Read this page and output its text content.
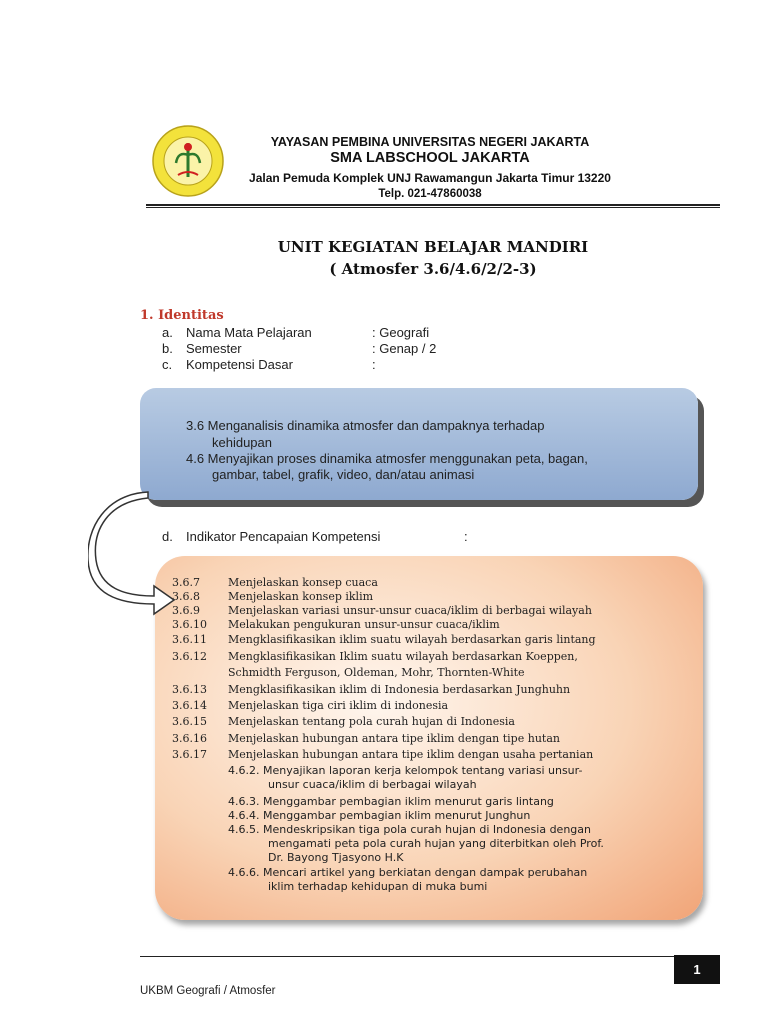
YAYASAN PEMBINA UNIVERSITAS NEGERI JAKARTA
SMA LABSCHOOL JAKARTA
Jalan Pemuda Komplek UNJ Rawamangun Jakarta Timur 13220
Telp. 021-47860038
UNIT KEGIATAN BELAJAR MANDIRI
( Atmosfer 3.6/4.6/2/2-3)
1. Identitas
a. Nama Mata Pelajaran	: Geografi
b. Semester	: Genap / 2
c. Kompetensi Dasar	:
3.6 Menganalisis dinamika atmosfer dan dampaknya terhadap
kehidupan
4.6 Menyajikan proses dinamika atmosfer menggunakan peta, bagan,
gambar, tabel, grafik, video, dan/atau animasi
d. Indikator Pencapaian Kompetensi	:
3.6.7	Menjelaskan konsep cuaca
3.6.8	Menjelaskan konsep iklim
3.6.9	Menjelaskan variasi unsur-unsur cuaca/iklim di berbagai wilayah
3.6.10 Melakukan pengukuran unsur-unsur cuaca/iklim
3.6.11 Mengklasifikasikan iklim suatu wilayah berdasarkan garis lintang
3.6.12 Mengklasifikasikan Iklim suatu wilayah berdasarkan Koeppen,
Schmidth Ferguson, Oldeman, Mohr, Thornten-White
3.6.13 Mengklasifikasikan iklim di Indonesia berdasarkan Junghuhn
3.6.14 Menjelaskan tiga ciri iklim di indonesia
3.6.15 Menjelaskan tentang pola curah hujan di Indonesia
3.6.16 Menjelaskan hubungan antara tipe iklim dengan tipe hutan
3.6.17 Menjelaskan hubungan antara tipe iklim dengan usaha pertanian
4.6.2. Menyajikan laporan kerja kelompok tentang variasi unsur-
unsur cuaca/iklim di berbagai wilayah
4.6.3. Menggambar pembagian iklim menurut garis lintang
4.6.4. Menggambar pembagian iklim menurut Junghun
4.6.5. Mendeskripsikan tiga pola curah hujan di Indonesia dengan
mengamati peta pola curah hujan yang diterbitkan oleh Prof.
Dr. Bayong Tjasyono H.K
4.6.6. Mencari artikel yang berkiatan dengan dampak perubahan
iklim terhadap kehidupan di muka bumi
1
UKBM Geografi / Atmosfer
